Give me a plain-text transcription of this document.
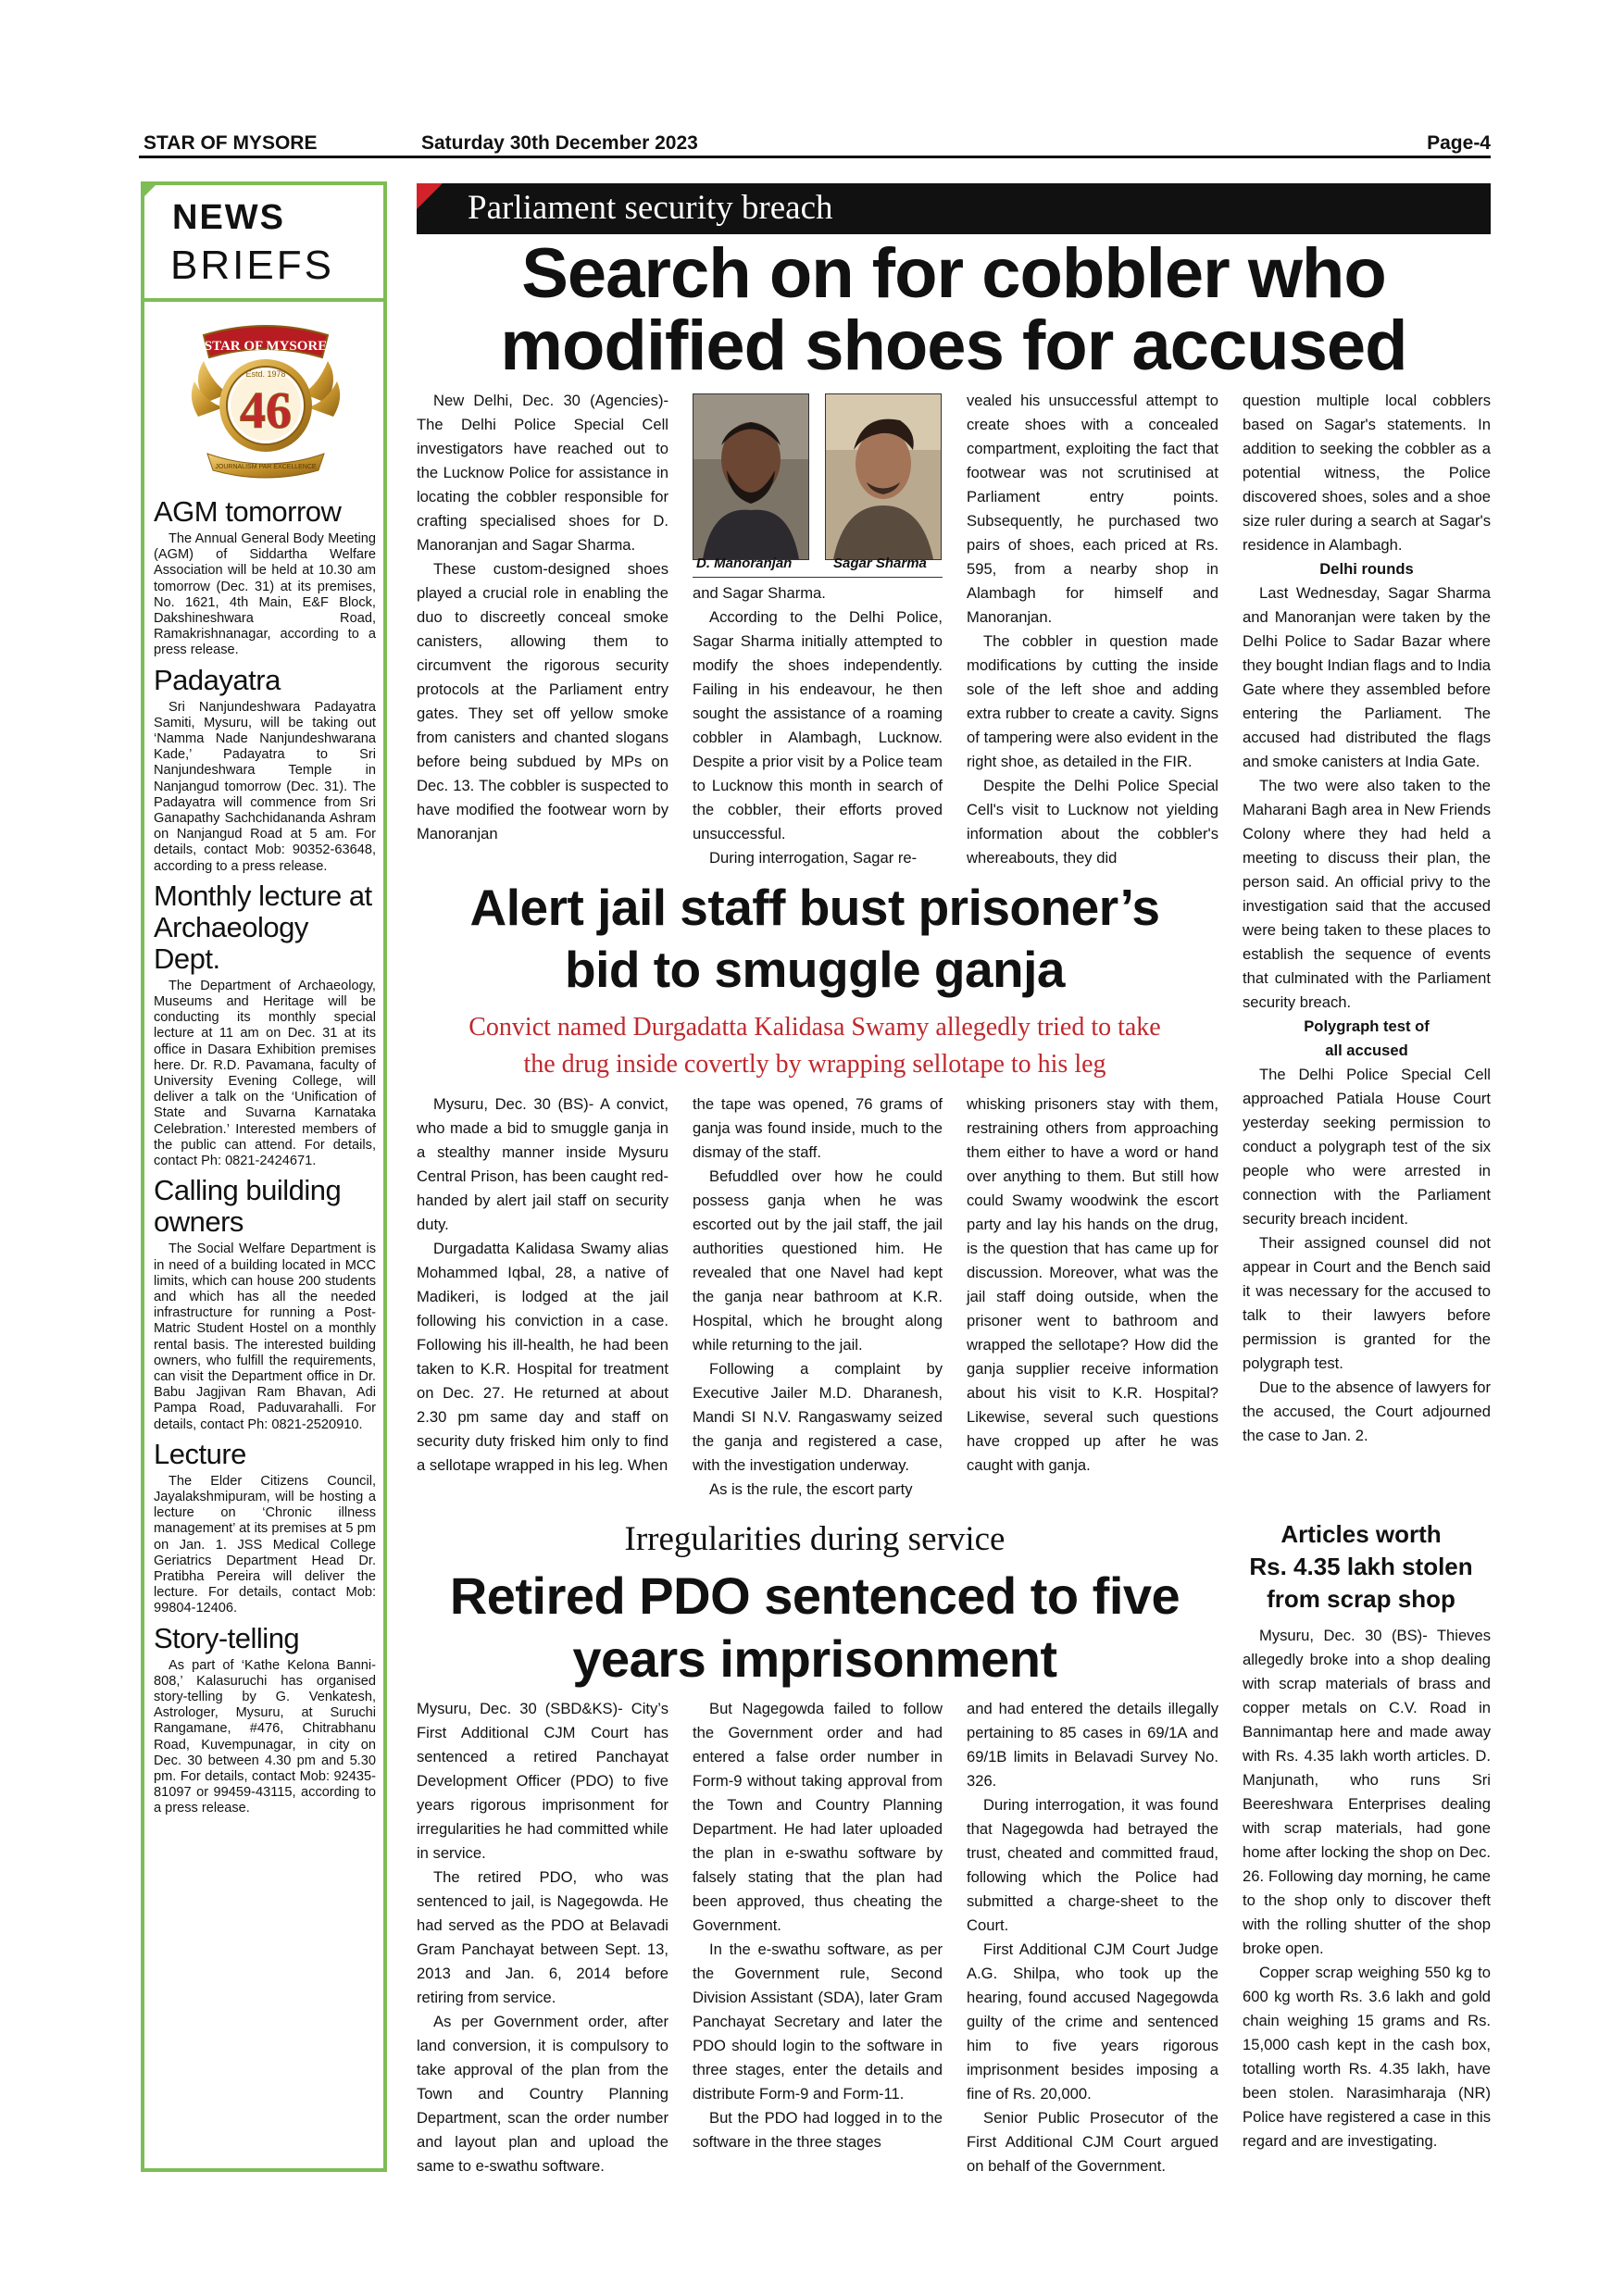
STAR OF MYSORE	Saturday 30th December 2023	Page-4
NEWS
BRIEFS
STAR OF MYSORE
Estd. 1978
46
JOURNALISM PAR EXCELLENCE
AGM tomorrow

The Annual General Body Meeting (AGM) of Siddartha Welfare Association will be held at 10.30 am tomorrow (Dec. 31) at its premises, No. 1621, 4th Main, E&F Block, Dakshineshwara Road, Ramakrishnanagar, according to a press release.

Padayatra

Sri Nanjundeshwara Padayatra Samiti, Mysuru, will be taking out ‘Namma Nade Nanjundeshwarana Kade,’ Padayatra to Sri Nanjundeshwara Temple in Nanjangud tomorrow (Dec. 31). The Padayatra will commence from Sri Ganapathy Sachchidananda Ashram on Nanjangud Road at 5 am. For details, contact Mob: 90352-63648, according to a press release.

Monthly lecture at Archaeology Dept.

The Department of Archaeology, Museums and Heritage will be conducting its monthly special lecture at 11 am on Dec. 31 at its office in Dasara Exhibition premises here. Dr. R.D. Pavamana, faculty of University Evening College, will deliver a talk on the ‘Unification of State and Suvarna Karnataka Celebration.’ Interested members of the public can attend. For details, contact Ph: 0821-2424671.

Calling building owners

The Social Welfare Department is in need of a building located in MCC limits, which can house 200 students and which has all the needed infrastructure for running a Post-Matric Student Hostel on a monthly rental basis. The interested building owners, who fulfill the requirements, can visit the Department office in Dr. Babu Jagjivan Ram Bhavan, Adi Pampa Road, Paduvarahalli. For details, contact Ph: 0821-2520910.

Lecture

The Elder Citizens Council, Jayalakshmipuram, will be hosting a lecture on ‘Chronic illness management’ at its premises at 5 pm on Jan. 1. JSS Medical College Geriatrics Department Head Dr. Pratibha Pereira will deliver the lecture. For details, contact Mob: 99804-12406.

Story-telling

As part of ‘Kathe Kelona Banni-808,’ Kalasuruchi has organised story-telling by G. Venkatesh, Astrologer, Mysuru, at Suruchi Rangamane, #476, Chitrabhanu Road, Kuvempunagar, in city on Dec. 30 between 4.30 pm and 5.30 pm. For details, contact Mob: 92435-81097 or 99459-43115, according to a press release.

Parliament security breach
Search on for cobbler who
modified shoes for accused

New Delhi, Dec. 30 (Agencies)- The Delhi Police Special Cell investigators have reached out to the Lucknow Police for assistance in locating the cobbler responsible for crafting specialised shoes for D. Manoranjan and Sagar Sharma.

These custom-designed shoes played a crucial role in enabling the duo to discreetly conceal smoke canisters, allowing them to circumvent the rigorous security protocols at the Parliament entry gates. They set off yellow smoke from canisters and chanted slogans before being subdued by MPs on Dec. 13. The cobbler is suspected to have modified the footwear worn by Manoranjan

D. Manoranjan	Sagar Sharma

and Sagar Sharma.

According to the Delhi Police, Sagar Sharma initially attempted to modify the shoes independently. Failing in his endeavour, he then sought the assistance of a roaming cobbler in Alambagh, Lucknow. Despite a prior visit by a Police team to Lucknow this month in search of the cobbler, their efforts proved unsuccessful.

During interrogation, Sagar re-

vealed his unsuccessful attempt to create shoes with a concealed compartment, exploiting the fact that footwear was not scrutinised at Parliament entry points. Subsequently, he purchased two pairs of shoes, each priced at Rs. 595, from a nearby shop in Alambagh for himself and Manoranjan.

The cobbler in question made modifications by cutting the inside sole of the left shoe and adding extra rubber to create a cavity. Signs of tampering were also evident in the right shoe, as detailed in the FIR.

Despite the Delhi Police Special Cell's visit to Lucknow not yielding information about the cobbler's whereabouts, they did

question multiple local cobblers based on Sagar's statements. In addition to seeking the cobbler as a potential witness, the Police discovered shoes, soles and a shoe size ruler during a search at Sagar's residence in Alambagh.

Delhi rounds

Last Wednesday, Sagar Sharma and Manoranjan were taken by the Delhi Police to Sadar Bazar where they bought Indian flags and to India Gate where they assembled before entering the Parliament. The accused had distributed the flags and smoke canisters at India Gate.

The two were also taken to the Maharani Bagh area in New Friends Colony where they had held a meeting to discuss their plan, the person said. An official privy to the investigation said that the accused were being taken to these places to establish the sequence of events that culminated with the Parliament security breach.

Polygraph test of

all accused

The Delhi Police Special Cell approached Patiala House Court yesterday seeking permission to conduct a polygraph test of the six people who were arrested in connection with the Parliament security breach incident.

Their assigned counsel did not appear in Court and the Bench said it was necessary for the accused to talk to their lawyers before permission is granted for the polygraph test.

Due to the absence of lawyers for the accused, the Court adjourned the case to Jan. 2.

Alert jail staff bust prisoner’s
bid to smuggle ganja
Convict named Durgadatta Kalidasa Swamy allegedly tried to take
the drug inside covertly by wrapping sellotape to his leg

Mysuru, Dec. 30 (BS)- A convict, who made a bid to smuggle ganja in a stealthy manner inside Mysuru Central Prison, has been caught red-handed by alert jail staff on security duty.

Durgadatta Kalidasa Swamy alias Mohammed Iqbal, 28, a native of Madikeri, is lodged at the jail following his conviction in a case. Following his ill-health, he had been taken to K.R. Hospital for treatment on Dec. 27. He returned at about 2.30 pm same day and staff on security duty frisked him only to find a sellotape wrapped in his leg. When

the tape was opened, 76 grams of ganja was found inside, much to the dismay of the staff.

Befuddled over how he could possess ganja when he was escorted out by the jail staff, the jail authorities questioned him. He revealed that one Navel had kept the ganja near bathroom at K.R. Hospital, which he brought along while returning to the jail.

Following a complaint by Executive Jailer M.D. Dharanesh, Mandi SI N.V. Rangaswamy seized the ganja and registered a case, with the investigation underway.

As is the rule, the escort party

whisking prisoners stay with them, restraining others from approaching them either to have a word or hand over anything to them. But still how could Swamy woodwink the escort party and lay his hands on the drug, is the question that has came up for discussion. Moreover, what was the jail staff doing outside, when the prisoner went to bathroom and wrapped the sellotape? How did the ganja supplier receive information about his visit to K.R. Hospital? Likewise, several such questions have cropped up after he was caught with ganja.

Irregularities during service
Retired PDO sentenced to five
years imprisonment

Mysuru, Dec. 30 (SBD&KS)- City’s First Additional CJM Court has sentenced a retired Panchayat Development Officer (PDO) to five years rigorous imprisonment for irregularities he had committed while in service.

The retired PDO, who was sentenced to jail, is Nagegowda. He had served as the PDO at Belavadi Gram Panchayat between Sept. 13, 2013 and Jan. 6, 2014 before retiring from service.

As per Government order, after land conversion, it is compulsory to take approval of the plan from the Town and Country Planning Department, scan the order number and layout plan and upload the same to e-swathu software.

But Nagegowda failed to follow the Government order and had entered a false order number in Form-9 without taking approval from the Town and Country Planning Department. He had later uploaded the plan in e-swathu software by falsely stating that the plan had been approved, thus cheating the Government.

In the e-swathu software, as per the Government rule, Second Division Assistant (SDA), later Gram Panchayat Secretary and later the PDO should login to the software in three stages, enter the details and distribute Form-9 and Form-11.

But the PDO had logged in to the software in the three stages

and had entered the details illegally pertaining to 85 cases in 69/1A and 69/1B limits in Belavadi Survey No. 326.

During interrogation, it was found that Nagegowda had betrayed the trust, cheated and committed fraud, following which the Police had submitted a charge-sheet to the Court.

First Additional CJM Court Judge A.G. Shilpa, who took up the hearing, found accused Nagegowda guilty of the crime and sentenced him to five years rigorous imprisonment besides imposing a fine of Rs. 20,000.

Senior Public Prosecutor of the First Additional CJM Court argued on behalf of the Government.

Articles worth
Rs. 4.35 lakh stolen
from scrap shop

Mysuru, Dec. 30 (BS)- Thieves allegedly broke into a shop dealing with scrap materials of brass and copper metals on C.V. Road in Bannimantap here and made away with Rs. 4.35 lakh worth articles. D. Manjunath, who runs Sri Beereshwara Enterprises dealing with scrap materials, had gone home after locking the shop on Dec. 26. Following day morning, he came to the shop only to discover theft with the rolling shutter of the shop broke open.

Copper scrap weighing 550 kg to 600 kg worth Rs. 3.6 lakh and gold chain weighing 15 grams and Rs. 15,000 cash kept in the cash box, totalling worth Rs. 4.35 lakh, have been stolen. Narasimharaja (NR) Police have registered a case in this regard and are investigating.
